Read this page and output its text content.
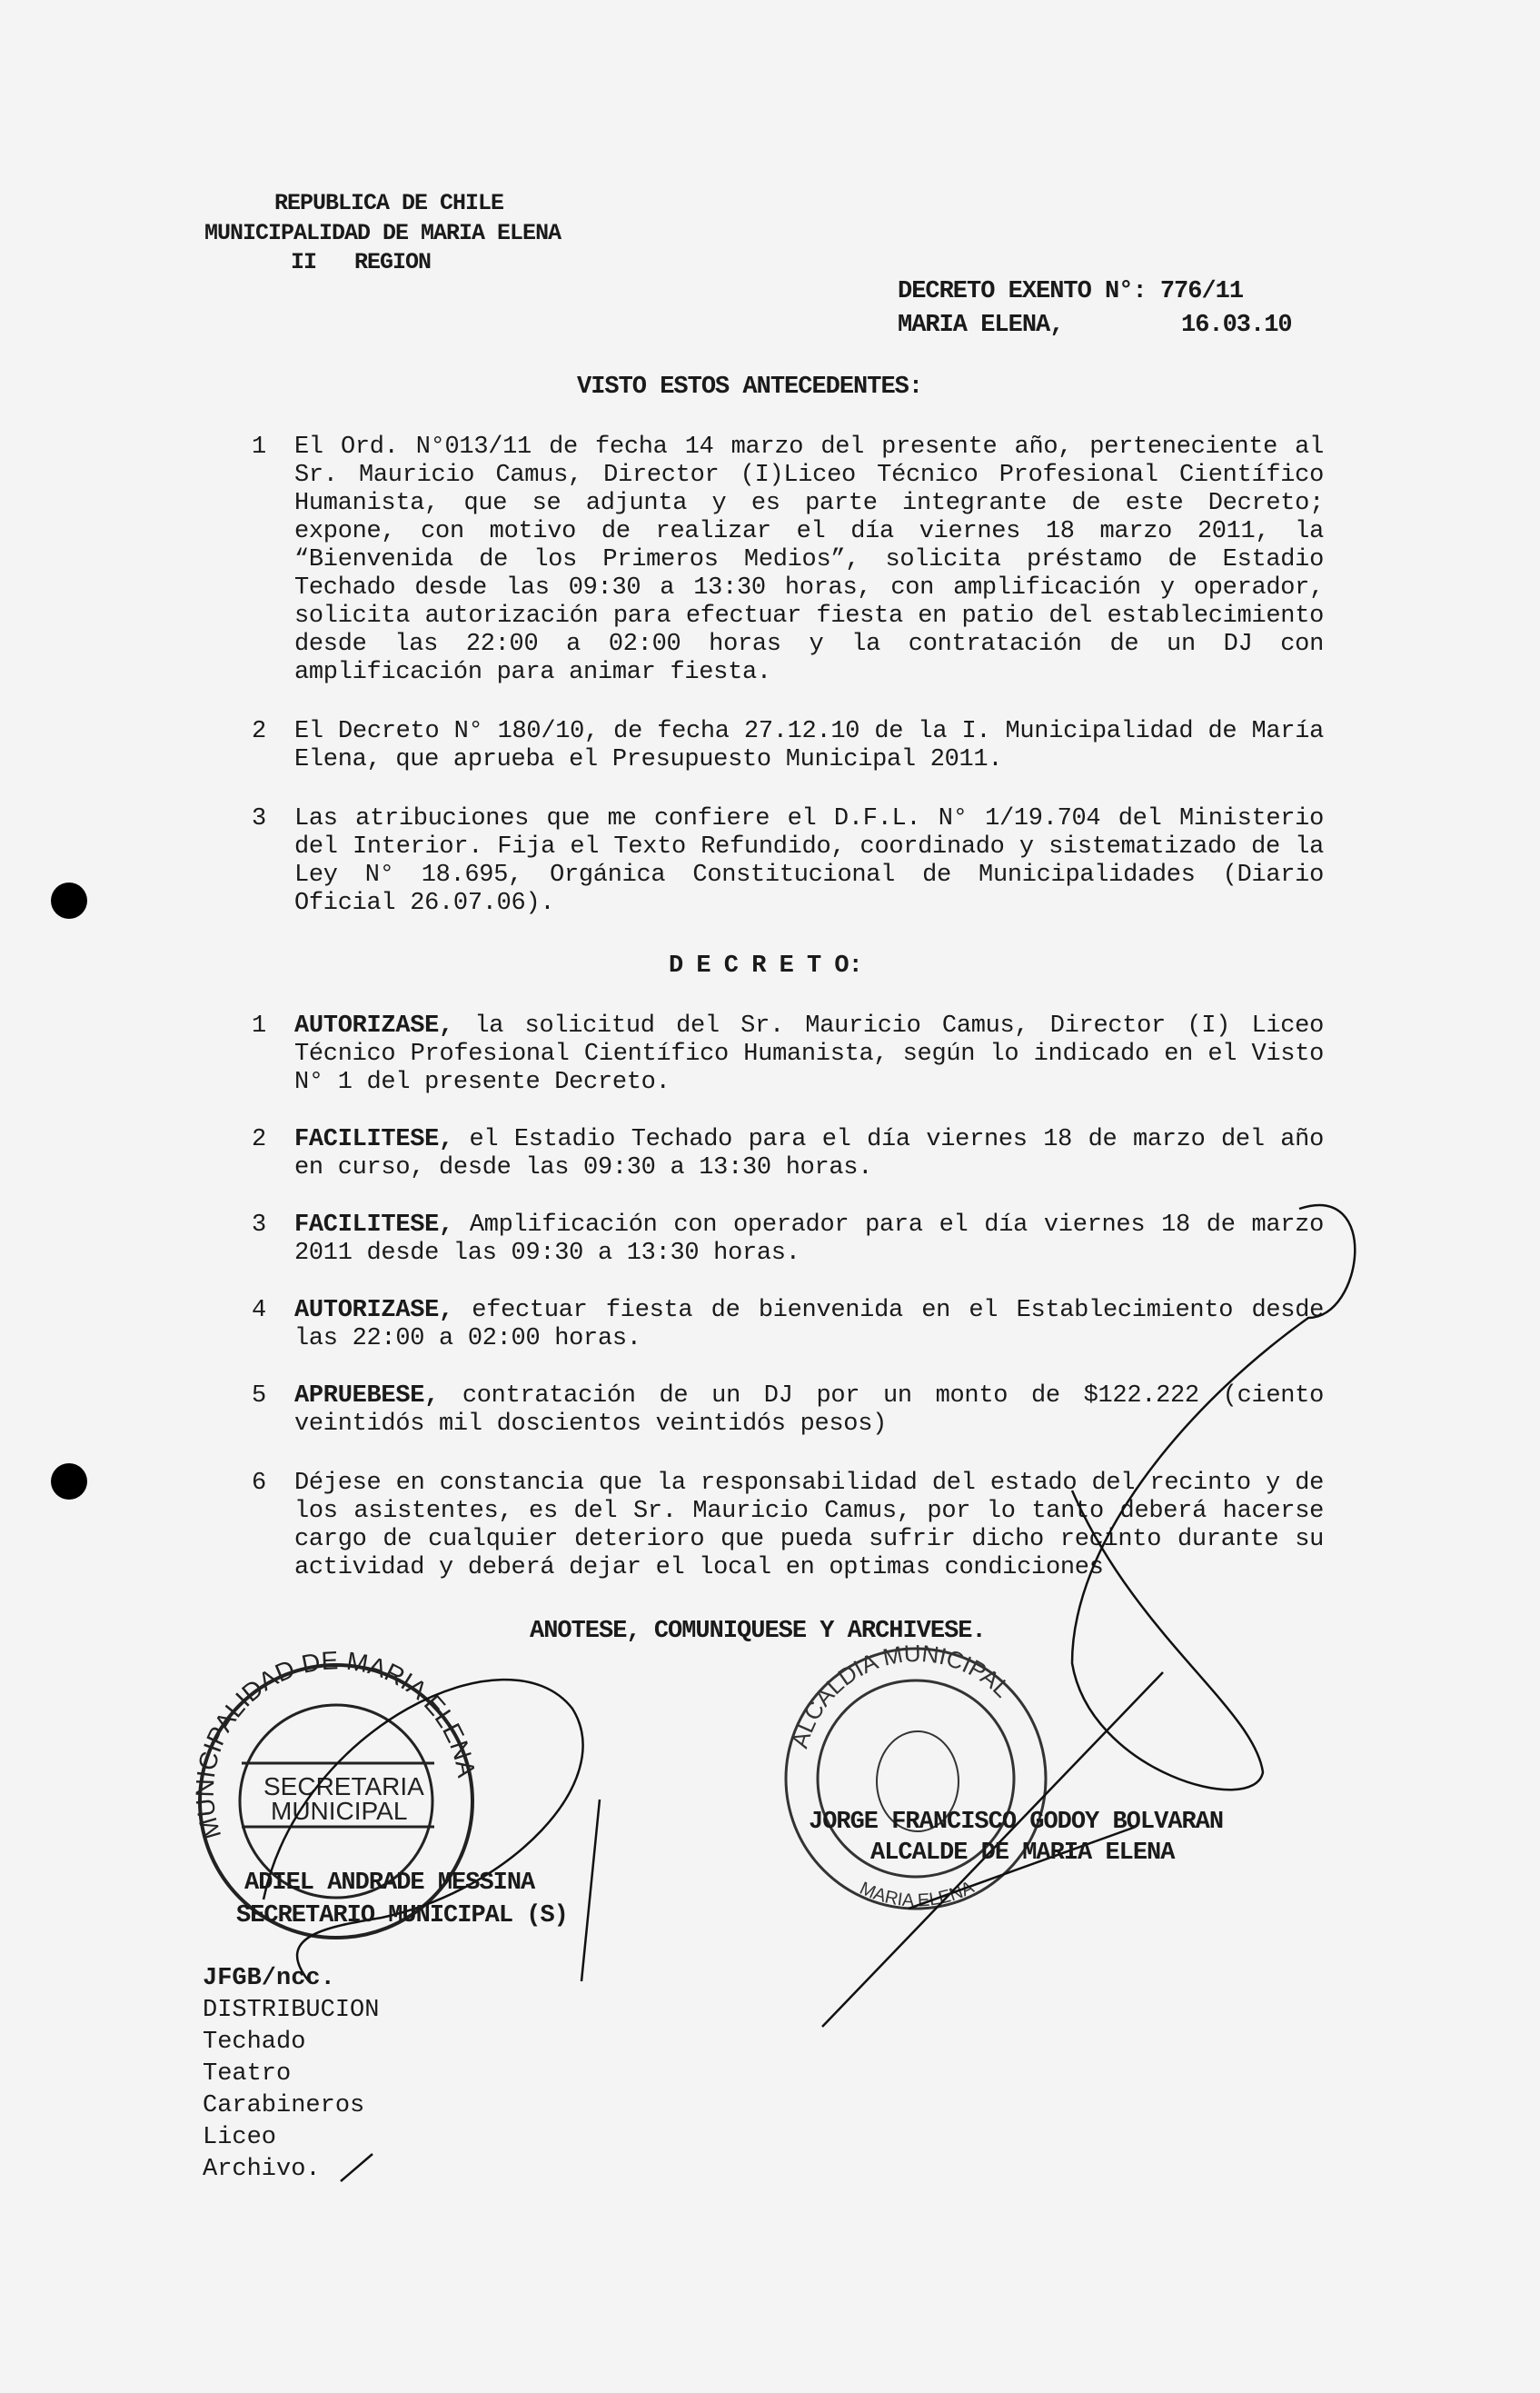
REPUBLICA DE CHILE
MUNICIPALIDAD DE MARIA ELENA
II   REGION
DECRETO EXENTO N°: 776/11
MARIA ELENA,	16.03.10
VISTO ESTOS ANTECEDENTES:
1 El Ord. N°013/11 de fecha 14 marzo del presente año, perteneciente al Sr. Mauricio Camus, Director (I)Liceo Técnico Profesional Científico Humanista, que se adjunta y es parte integrante de este Decreto; expone, con motivo de realizar el día viernes 18 marzo 2011, la “Bienvenida de los Primeros Medios”, solicita préstamo de Estadio Techado desde las 09:30 a 13:30 horas, con amplificación y operador, solicita autorización para efectuar fiesta en patio del establecimiento desde las 22:00 a 02:00 horas y la contratación de un DJ con amplificación para animar fiesta.
2 El Decreto N° 180/10, de fecha 27.12.10 de la I. Municipalidad de María Elena, que aprueba el Presupuesto Municipal 2011.
3 Las atribuciones que me confiere el D.F.L. N° 1/19.704 del Ministerio del Interior. Fija el Texto Refundido, coordinado y sistematizado de la Ley N° 18.695, Orgánica Constitucional de Municipalidades (Diario Oficial 26.07.06).
D E C R E T O:
1 AUTORIZASE, la solicitud del Sr. Mauricio Camus, Director (I) Liceo Técnico Profesional Científico Humanista, según lo indicado en el Visto N° 1 del presente Decreto.
2 FACILITESE, el Estadio Techado para el día viernes 18 de marzo del año en curso, desde las 09:30 a 13:30 horas.
3 FACILITESE, Amplificación con operador para el día viernes 18 de marzo 2011 desde las 09:30 a 13:30 horas.
4 AUTORIZASE, efectuar fiesta de bienvenida en el Establecimiento desde las 22:00 a 02:00 horas.
5 APRUEBESE, contratación de un DJ por un monto de $122.222 (ciento veintidós mil doscientos veintidós pesos)
6 Déjese en constancia que la responsabilidad del estado del recinto y de los asistentes, es del Sr. Mauricio Camus, por lo tanto deberá hacerse cargo de cualquier deterioro que pueda sufrir dicho recinto durante su actividad y deberá dejar el local en optimas condiciones
ANOTESE, COMUNIQUESE Y ARCHIVESE.
SECRETARIA
MUNICIPAL
MUNICIPALIDAD DE MARIA ELENA
ALCALDIA MUNICIPAL
MARIA ELENA
ADIEL ANDRADE MESSINA
SECRETARIO MUNICIPAL (S)
JORGE FRANCISCO GODOY BOLVARAN
ALCALDE DE MARIA ELENA
JFGB/ncc.
DISTRIBUCION
Techado
Teatro
Carabineros
Liceo
Archivo.
